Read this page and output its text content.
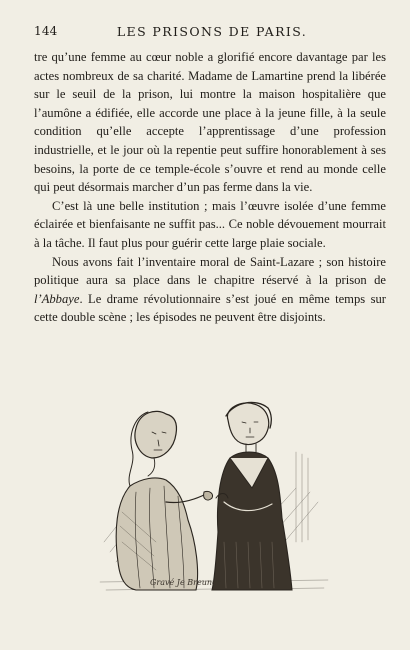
144	LES PRISONS DE PARIS.

tre qu’une femme au cœur noble a glorifié encore davantage par les actes nombreux de sa charité. Madame de Lamartine prend la libérée sur le seuil de la prison, lui montre la maison hospitalière que l’aumône a édifiée, elle accorde une place à la jeune fille, à la seule condition qu’elle accepte l’apprentissage d’une profession industrielle, et le jour où la repentie peut suffire honorablement à ses besoins, la porte de ce temple-école s’ouvre et rend au monde celle qui peut désormais marcher d’un pas ferme dans la vie.

C’est là une belle institution ; mais l’œuvre isolée d’une femme éclairée et bienfaisante ne suffit pas... Ce noble dévouement mourrait à la tâche. Il faut plus pour guérir cette large plaie sociale.

Nous avons fait l’inventaire moral de Saint-Lazare ; son histoire politique aura sa place dans le chapitre réservé à la prison de l’Abbaye. Le drame révolutionnaire s’est joué en même temps sur cette double scène ; les épisodes ne peuvent être disjoints.

Gravé Je Breuner
